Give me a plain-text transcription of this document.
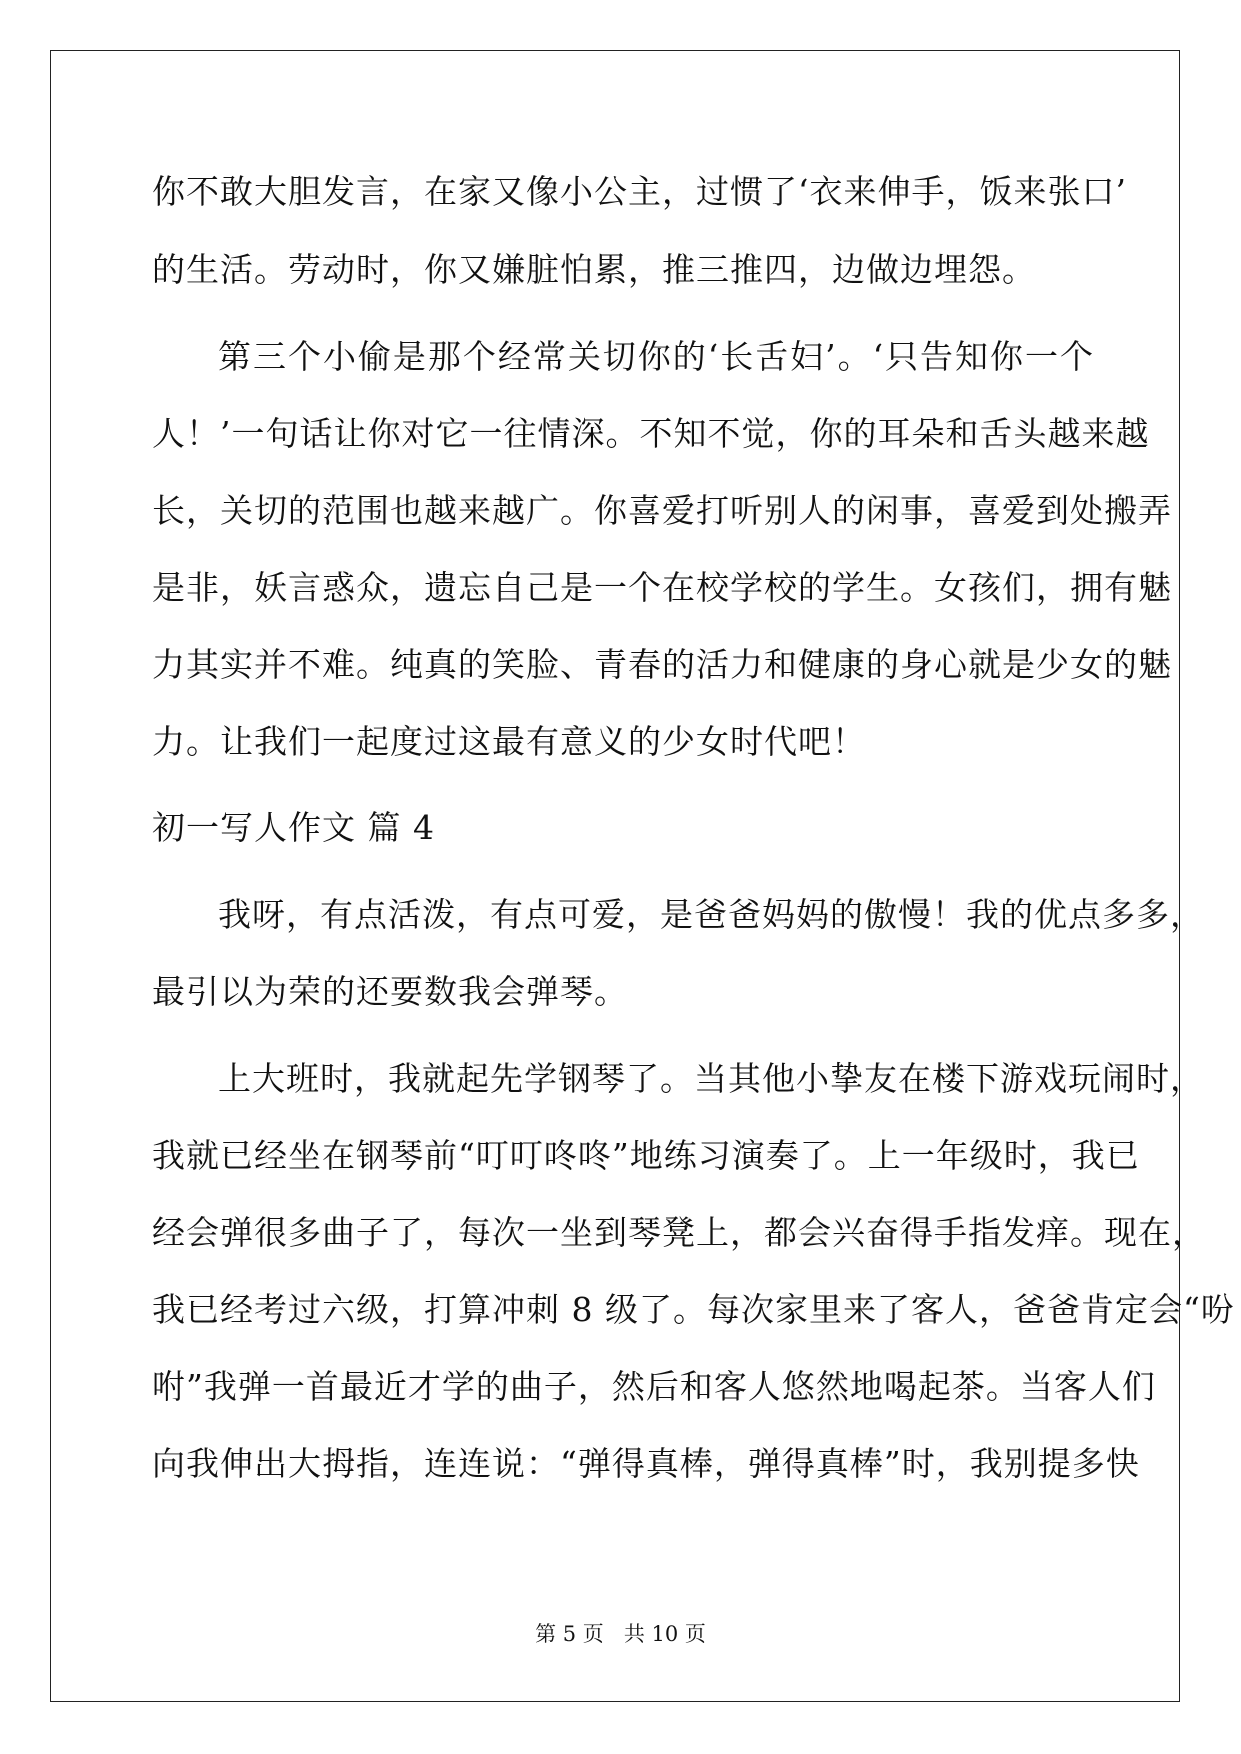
你不敢大胆发言，在家又像小公主，过惯了‘衣来伸手，饭来张口’
的生活。劳动时，你又嫌脏怕累，推三推四，边做边埋怨。
第三个小偷是那个经常关切你的‘长舌妇’。‘只告知你一个
人！’一句话让你对它一往情深。不知不觉，你的耳朵和舌头越来越
长，关切的范围也越来越广。你喜爱打听别人的闲事，喜爱到处搬弄
是非，妖言惑众，遗忘自己是一个在校学校的学生。女孩们，拥有魅
力其实并不难。纯真的笑脸、青春的活力和健康的身心就是少女的魅
力。让我们一起度过这最有意义的少女时代吧！
初一写人作文 篇 4
我呀，有点活泼，有点可爱，是爸爸妈妈的傲慢！我的优点多多，
最引以为荣的还要数我会弹琴。
上大班时，我就起先学钢琴了。当其他小挚友在楼下游戏玩闹时，
我就已经坐在钢琴前“叮叮咚咚”地练习演奏了。上一年级时，我已
经会弹很多曲子了，每次一坐到琴凳上，都会兴奋得手指发痒。现在，
我已经考过六级，打算冲刺 8 级了。每次家里来了客人，爸爸肯定会“吩
咐”我弹一首最近才学的曲子，然后和客人悠然地喝起茶。当客人们
向我伸出大拇指，连连说：“弹得真棒，弹得真棒”时，我别提多快
第 5 页 共 10 页
